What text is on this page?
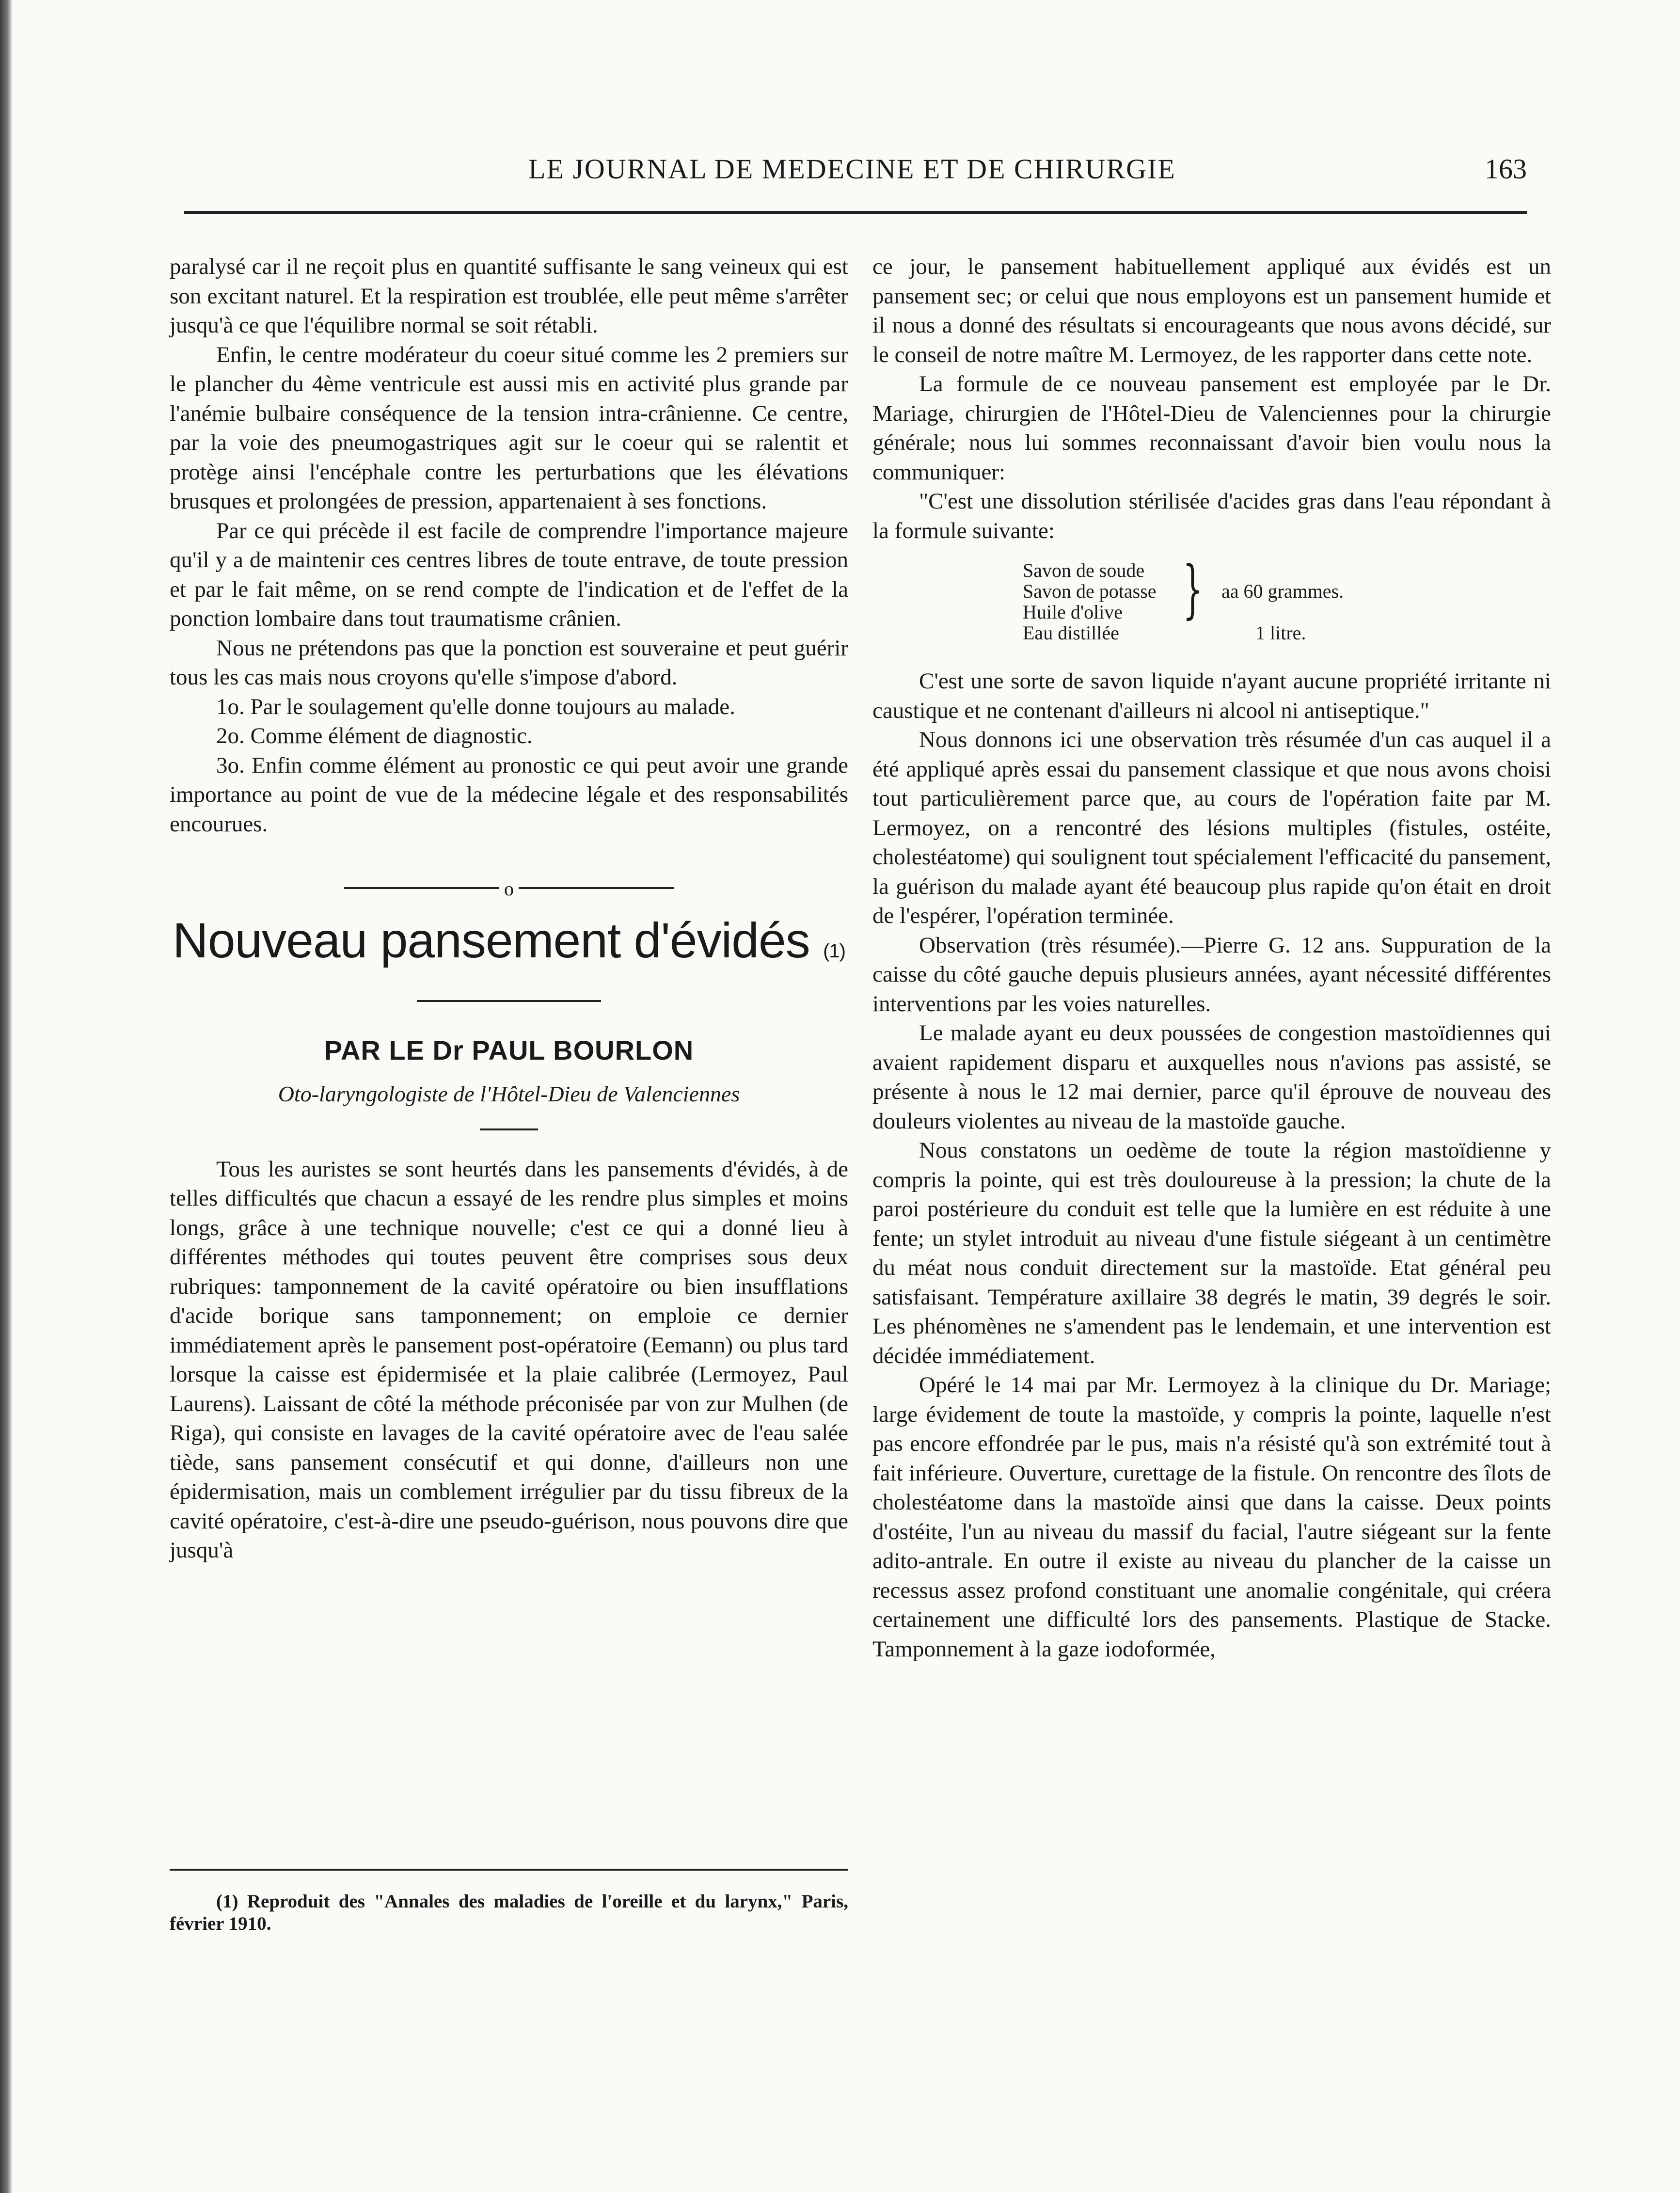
LE JOURNAL DE MEDECINE ET DE CHIRURGIE	163

paralysé car il ne reçoit plus en quantité suffisante le sang veineux qui est son excitant naturel. Et la respiration est troublée, elle peut même s'arrêter jusqu'à ce que l'équilibre normal se soit rétabli.

Enfin, le centre modérateur du coeur situé comme les 2 premiers sur le plancher du 4ème ventricule est aussi mis en activité plus grande par l'anémie bulbaire conséquence de la tension intra-crânienne. Ce centre, par la voie des pneumogastriques agit sur le coeur qui se ralentit et protège ainsi l'encéphale contre les perturbations que les élévations brusques et prolongées de pression, appartenaient à ses fonctions.

Par ce qui précède il est facile de comprendre l'importance majeure qu'il y a de maintenir ces centres libres de toute entrave, de toute pression et par le fait même, on se rend compte de l'indication et de l'effet de la ponction lombaire dans tout traumatisme crânien.

Nous ne prétendons pas que la ponction est souveraine et peut guérir tous les cas mais nous croyons qu'elle s'impose d'abord.

1o. Par le soulagement qu'elle donne toujours au malade.

2o. Comme élément de diagnostic.

3o. Enfin comme élément au pronostic ce qui peut avoir une grande importance au point de vue de la médecine légale et des responsabilités encourues.

o
Nouveau pansement d'évidés (1)
PAR LE Dr PAUL BOURLON
Oto-laryngologiste de l'Hôtel-Dieu de Valenciennes

Tous les auristes se sont heurtés dans les pansements d'évidés, à de telles difficultés que chacun a essayé de les rendre plus simples et moins longs, grâce à une technique nouvelle; c'est ce qui a donné lieu à différentes méthodes qui toutes peuvent être comprises sous deux rubriques: tamponnement de la cavité opératoire ou bien insufflations d'acide borique sans tamponnement; on emploie ce dernier immédiatement après le pansement post-opératoire (Eemann) ou plus tard lorsque la caisse est épidermisée et la plaie calibrée (Lermoyez, Paul Laurens). Laissant de côté la méthode préconisée par von zur Mulhen (de Riga), qui consiste en lavages de la cavité opératoire avec de l'eau salée tiède, sans pansement consécutif et qui donne, d'ailleurs non une épidermisation, mais un comblement irrégulier par du tissu fibreux de la cavité opératoire, c'est-à-dire une pseudo-guérison, nous pouvons dire que jusqu'à

(1) Reproduit des "Annales des maladies de l'oreille et du larynx," Paris, février 1910.

ce jour, le pansement habituellement appliqué aux évidés est un pansement sec; or celui que nous employons est un pansement humide et il nous a donné des résultats si encourageants que nous avons décidé, sur le conseil de notre maître M. Lermoyez, de les rapporter dans cette note.

La formule de ce nouveau pansement est employée par le Dr. Mariage, chirurgien de l'Hôtel-Dieu de Valenciennes pour la chirurgie générale; nous lui sommes reconnaissant d'avoir bien voulu nous la communiquer:

"C'est une dissolution stérilisée d'acides gras dans l'eau répondant à la formule suivante:

Savon de soude
Savon de potasse
Huile d'olive
Eau distillée
} aa 60 grammes.
1 litre.

C'est une sorte de savon liquide n'ayant aucune propriété irritante ni caustique et ne contenant d'ailleurs ni alcool ni antiseptique."

Nous donnons ici une observation très résumée d'un cas auquel il a été appliqué après essai du pansement classique et que nous avons choisi tout particulièrement parce que, au cours de l'opération faite par M. Lermoyez, on a rencontré des lésions multiples (fistules, ostéite, cholestéatome) qui soulignent tout spécialement l'efficacité du pansement, la guérison du malade ayant été beaucoup plus rapide qu'on était en droit de l'espérer, l'opération terminée.

Observation (très résumée).—Pierre G. 12 ans. Suppuration de la caisse du côté gauche depuis plusieurs années, ayant nécessité différentes interventions par les voies naturelles.

Le malade ayant eu deux poussées de congestion mastoïdiennes qui avaient rapidement disparu et auxquelles nous n'avions pas assisté, se présente à nous le 12 mai dernier, parce qu'il éprouve de nouveau des douleurs violentes au niveau de la mastoïde gauche.

Nous constatons un oedème de toute la région mastoïdienne y compris la pointe, qui est très douloureuse à la pression; la chute de la paroi postérieure du conduit est telle que la lumière en est réduite à une fente; un stylet introduit au niveau d'une fistule siégeant à un centimètre du méat nous conduit directement sur la mastoïde. Etat général peu satisfaisant. Température axillaire 38 degrés le matin, 39 degrés le soir. Les phénomènes ne s'amendent pas le lendemain, et une intervention est décidée immédiatement.

Opéré le 14 mai par Mr. Lermoyez à la clinique du Dr. Mariage; large évidement de toute la mastoïde, y compris la pointe, laquelle n'est pas encore effondrée par le pus, mais n'a résisté qu'à son extrémité tout à fait inférieure. Ouverture, curettage de la fistule. On rencontre des îlots de cholestéatome dans la mastoïde ainsi que dans la caisse. Deux points d'ostéite, l'un au niveau du massif du facial, l'autre siégeant sur la fente adito-antrale. En outre il existe au niveau du plancher de la caisse un recessus assez profond constituant une anomalie congénitale, qui créera certainement une difficulté lors des pansements. Plastique de Stacke. Tamponnement à la gaze iodoformée,
